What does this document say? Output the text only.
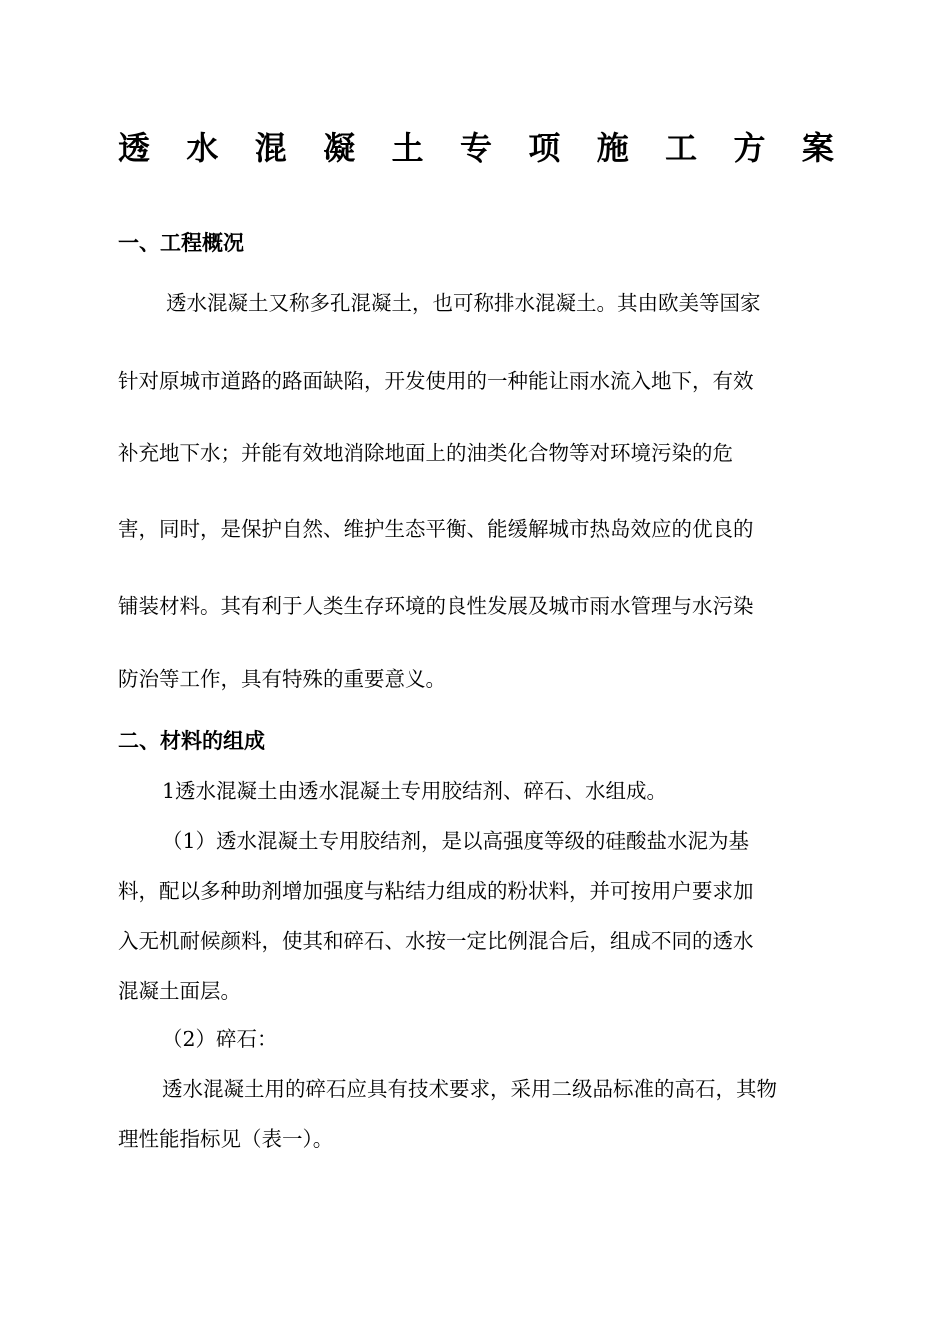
透 水 混 凝 土 专 项 施 工 方 案
一、工程概况
透水混凝土又称多孔混凝土，也可称排水混凝土。其由欧美等国家
针对原城市道路的路面缺陷，开发使用的一种能让雨水流入地下，有效
补充地下水；并能有效地消除地面上的油类化合物等对环境污染的危
害，同时，是保护自然、维护生态平衡、能缓解城市热岛效应的优良的
铺装材料。其有利于人类生存环境的良性发展及城市雨水管理与水污染
防治等工作，具有特殊的重要意义。
二、材料的组成
1透水混凝土由透水混凝土专用胶结剂、碎石、水组成。
（1）透水混凝土专用胶结剂，是以高强度等级的硅酸盐水泥为基
料，配以多种助剂增加强度与粘结力组成的粉状料，并可按用户要求加
入无机耐候颜料，使其和碎石、水按一定比例混合后，组成不同的透水
混凝土面层。
（2）碎石：
透水混凝土用的碎石应具有技术要求，采用二级品标准的高石，其物
理性能指标见（表一）。
